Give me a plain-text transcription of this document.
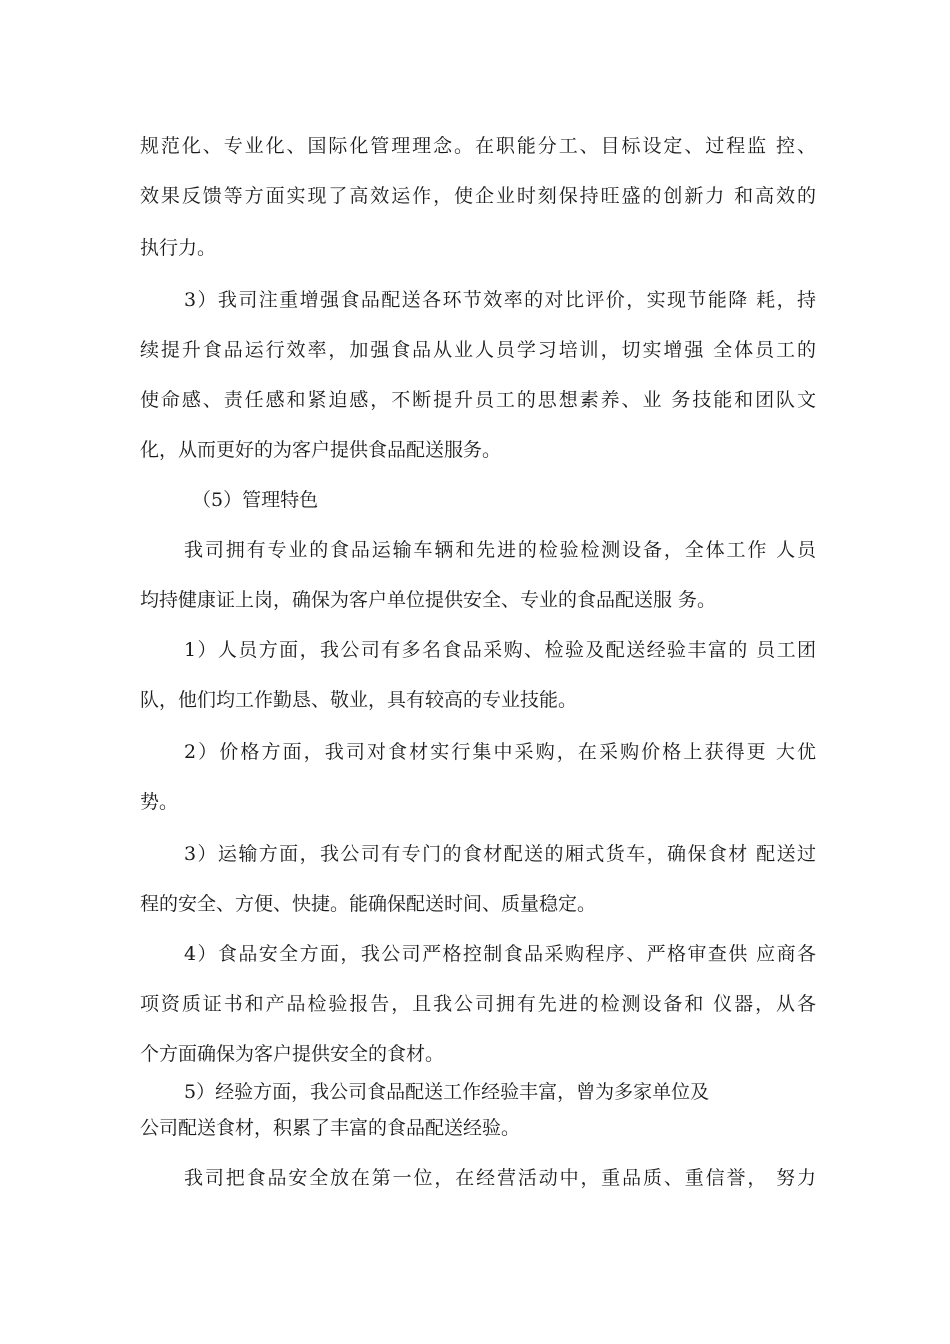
规范化、专业化、国际化管理理念。在职能分工、目标设定、过程监 控、

效果反馈等方面实现了高效运作，使企业时刻保持旺盛的创新力 和高效的

执行力。

3）我司注重增强食品配送各环节效率的对比评价，实现节能降 耗，持

续提升食品运行效率，加强食品从业人员学习培训，切实增强 全体员工的

使命感、责任感和紧迫感，不断提升员工的思想素养、业 务技能和团队文

化，从而更好的为客户提供食品配送服务。

（5）管理特色

我司拥有专业的食品运输车辆和先进的检验检测设备，全体工作 人员

均持健康证上岗，确保为客户单位提供安全、专业的食品配送服 务。

1）人员方面，我公司有多名食品采购、检验及配送经验丰富的 员工团

队，他们均工作勤恳、敬业，具有较高的专业技能。

2）价格方面，我司对食材实行集中采购，在采购价格上获得更 大优

势。

3）运输方面，我公司有专门的食材配送的厢式货车，确保食材 配送过

程的安全、方便、快捷。能确保配送时间、质量稳定。

4）食品安全方面，我公司严格控制食品采购程序、严格审查供 应商各

项资质证书和产品检验报告，且我公司拥有先进的检测设备和 仪器，从各

个方面确保为客户提供安全的食材。

5）经验方面，我公司食品配送工作经验丰富，曾为多家单位及

公司配送食材，积累了丰富的食品配送经验。

我司把食品安全放在第一位，在经营活动中，重品质、重信誉， 努力
